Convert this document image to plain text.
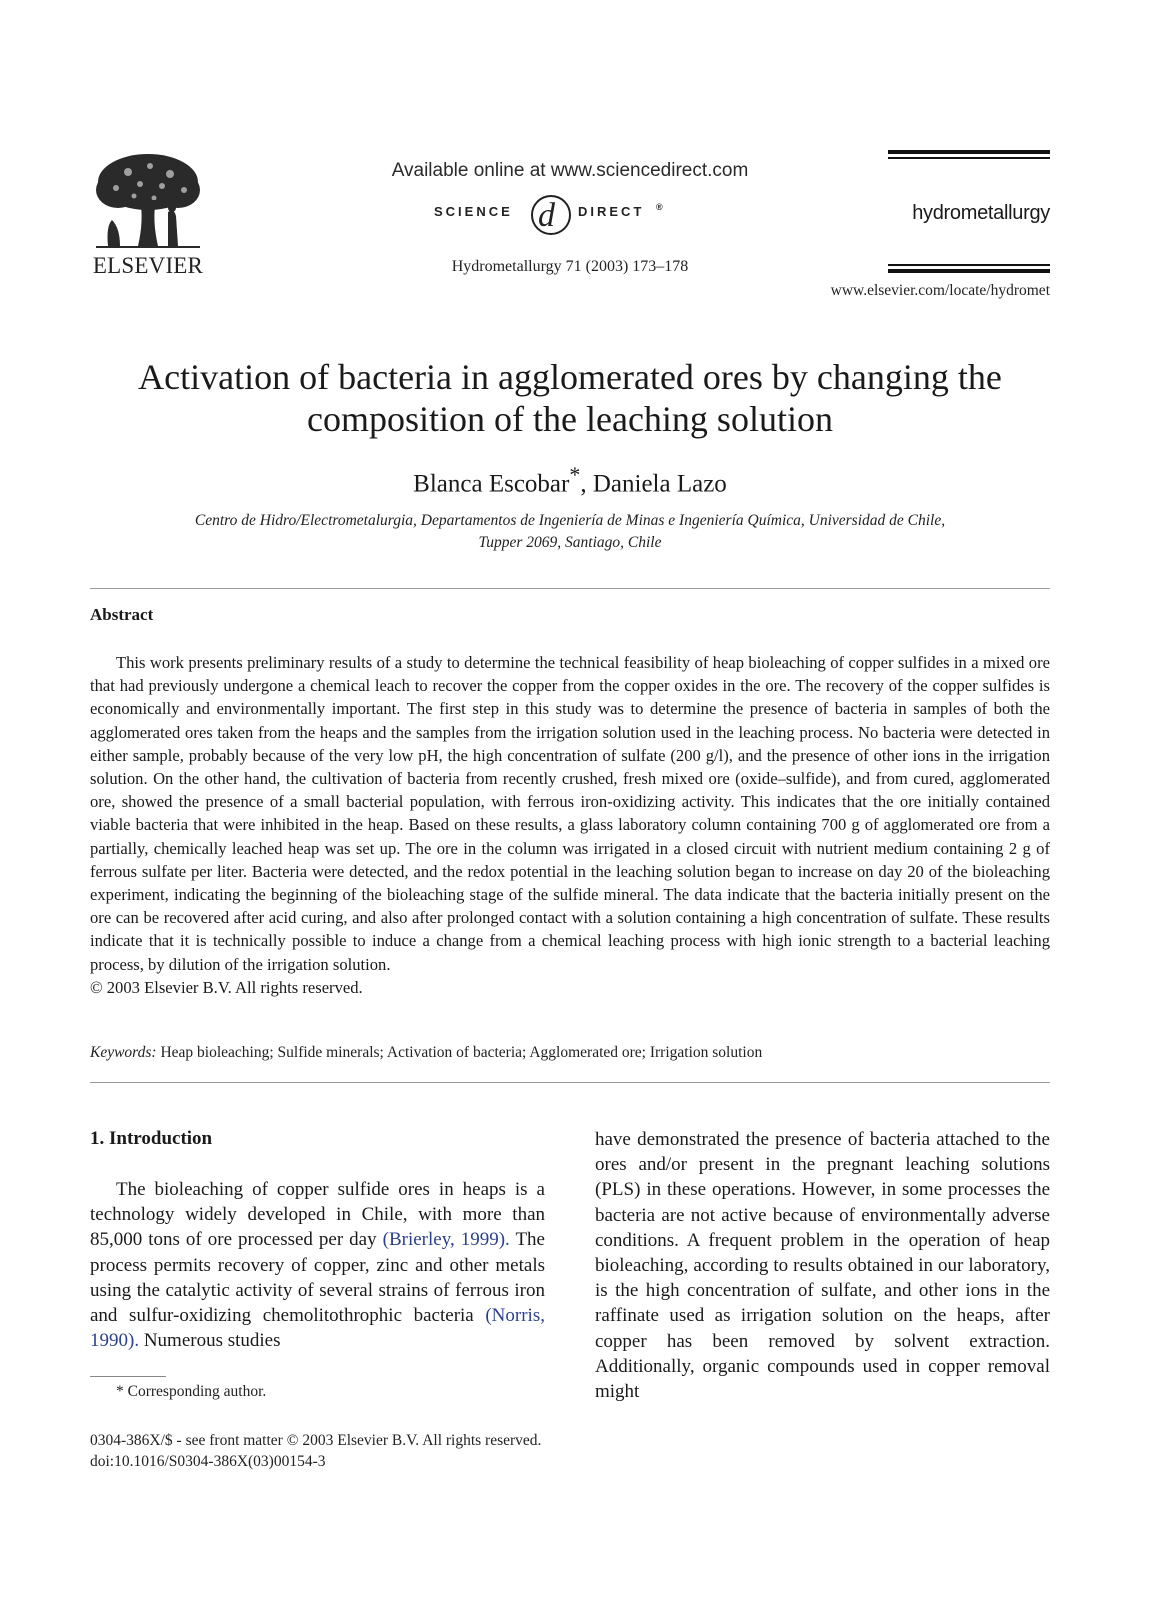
ELSEVIER
Available online at www.sciencedirect.com
SCIENCE d DIRECT ®
Hydrometallurgy 71 (2003) 173–178
hydrometallurgy
www.elsevier.com/locate/hydromet
Activation of bacteria in agglomerated ores by changing the
composition of the leaching solution
Blanca Escobar*, Daniela Lazo
Centro de Hidro/Electrometalurgia, Departamentos de Ingeniería de Minas e Ingeniería Química, Universidad de Chile,
Tupper 2069, Santiago, Chile
Abstract
This work presents preliminary results of a study to determine the technical feasibility of heap bioleaching of copper sulfides in a mixed ore that had previously undergone a chemical leach to recover the copper from the copper oxides in the ore. The recovery of the copper sulfides is economically and environmentally important. The first step in this study was to determine the presence of bacteria in samples of both the agglomerated ores taken from the heaps and the samples from the irrigation solution used in the leaching process. No bacteria were detected in either sample, probably because of the very low pH, the high concentration of sulfate (200 g/l), and the presence of other ions in the irrigation solution. On the other hand, the cultivation of bacteria from recently crushed, fresh mixed ore (oxide–sulfide), and from cured, agglomerated ore, showed the presence of a small bacterial population, with ferrous iron-oxidizing activity. This indicates that the ore initially contained viable bacteria that were inhibited in the heap. Based on these results, a glass laboratory column containing 700 g of agglomerated ore from a partially, chemically leached heap was set up. The ore in the column was irrigated in a closed circuit with nutrient medium containing 2 g of ferrous sulfate per liter. Bacteria were detected, and the redox potential in the leaching solution began to increase on day 20 of the bioleaching experiment, indicating the beginning of the bioleaching stage of the sulfide mineral. The data indicate that the bacteria initially present on the ore can be recovered after acid curing, and also after prolonged contact with a solution containing a high concentration of sulfate. These results indicate that it is technically possible to induce a change from a chemical leaching process with high ionic strength to a bacterial leaching process, by dilution of the irrigation solution.
© 2003 Elsevier B.V. All rights reserved.
Keywords: Heap bioleaching; Sulfide minerals; Activation of bacteria; Agglomerated ore; Irrigation solution
1. Introduction
The bioleaching of copper sulfide ores in heaps is a technology widely developed in Chile, with more than 85,000 tons of ore processed per day (Brierley, 1999). The process permits recovery of copper, zinc and other metals using the catalytic activity of several strains of ferrous iron and sulfur-oxidizing chemolitothrophic bacteria (Norris, 1990). Numerous studies
have demonstrated the presence of bacteria attached to the ores and/or present in the pregnant leaching solutions (PLS) in these operations. However, in some processes the bacteria are not active because of environmentally adverse conditions. A frequent problem in the operation of heap bioleaching, according to results obtained in our laboratory, is the high concentration of sulfate, and other ions in the raffinate used as irrigation solution on the heaps, after copper has been removed by solvent extraction. Additionally, organic compounds used in copper removal might
* Corresponding author.
0304-386X/$ - see front matter © 2003 Elsevier B.V. All rights reserved.
doi:10.1016/S0304-386X(03)00154-3
